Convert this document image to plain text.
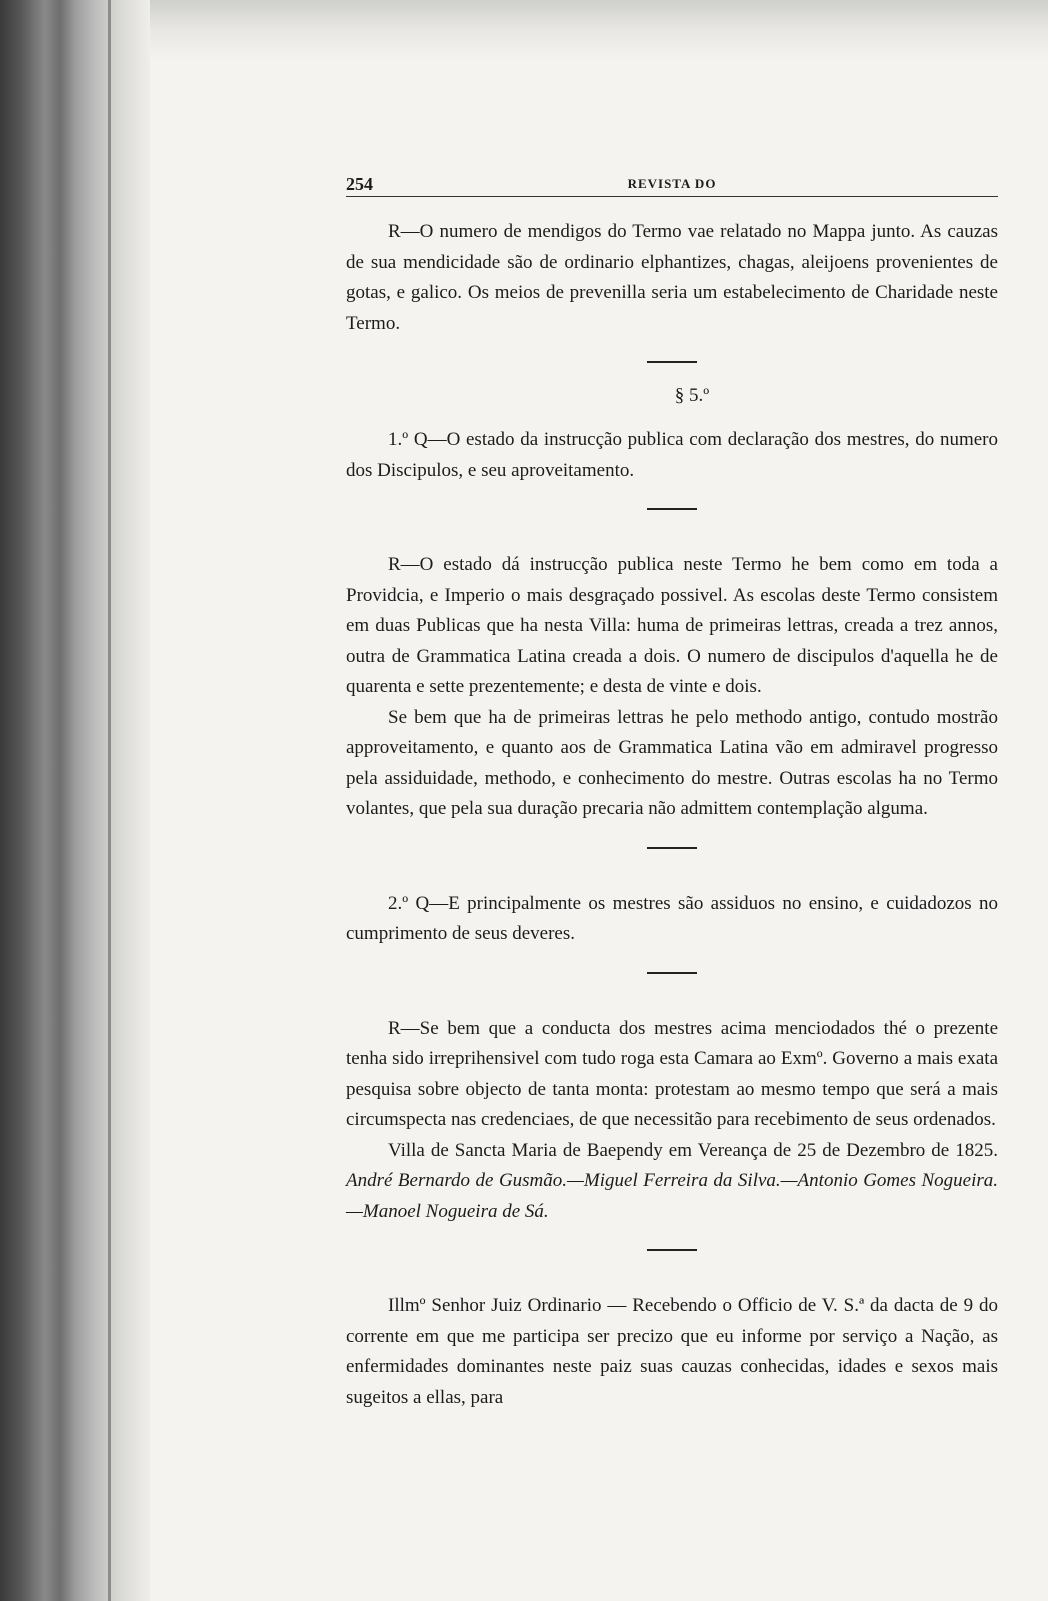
254	REVISTA DO

R—O numero de mendigos do Termo vae relatado no Mappa junto. As cauzas de sua mendicidade são de ordinario elphantizes, chagas, aleijoens provenientes de gotas, e galico. Os meios de prevenilla seria um estabelecimento de Charidade neste Termo.

§ 5.º

1.º Q—O estado da instrucção publica com declaração dos mestres, do numero dos Discipulos, e seu aproveitamento.

R—O estado dá instrucção publica neste Termo he bem como em toda a Providcia, e Imperio o mais desgraçado possivel. As escolas deste Termo consistem em duas Publicas que ha nesta Villa: huma de primeiras lettras, creada a trez annos, outra de Grammatica Latina creada a dois. O numero de discipulos d'aquella he de quarenta e sette prezentemente; e desta de vinte e dois.

Se bem que ha de primeiras lettras he pelo methodo antigo, contudo mostrão approveitamento, e quanto aos de Grammatica Latina vão em admiravel progresso pela assiduidade, methodo, e conhecimento do mestre. Outras escolas ha no Termo volantes, que pela sua duração precaria não admittem contemplação alguma.

2.º Q—E principalmente os mestres são assiduos no ensino, e cuidadozos no cumprimento de seus deveres.

R—Se bem que a conducta dos mestres acima menciodados thé o prezente tenha sido irreprihensivel com tudo roga esta Camara ao Exmº. Governo a mais exata pesquisa sobre objecto de tanta monta: protestam ao mesmo tempo que será a mais circumspecta nas credenciaes, de que necessitão para recebimento de seus ordenados.

Villa de Sancta Maria de Baependy em Vereança de 25 de Dezembro de 1825. André Bernardo de Gusmão.—Miguel Ferreira da Silva.—Antonio Gomes Nogueira.—Manoel Nogueira de Sá.

Illmº Senhor Juiz Ordinario — Recebendo o Officio de V. S.ª da dacta de 9 do corrente em que me participa ser precizo que eu informe por serviço a Nação, as enfermidades dominantes neste paiz suas cauzas conhecidas, idades e sexos mais sugeitos a ellas, para
